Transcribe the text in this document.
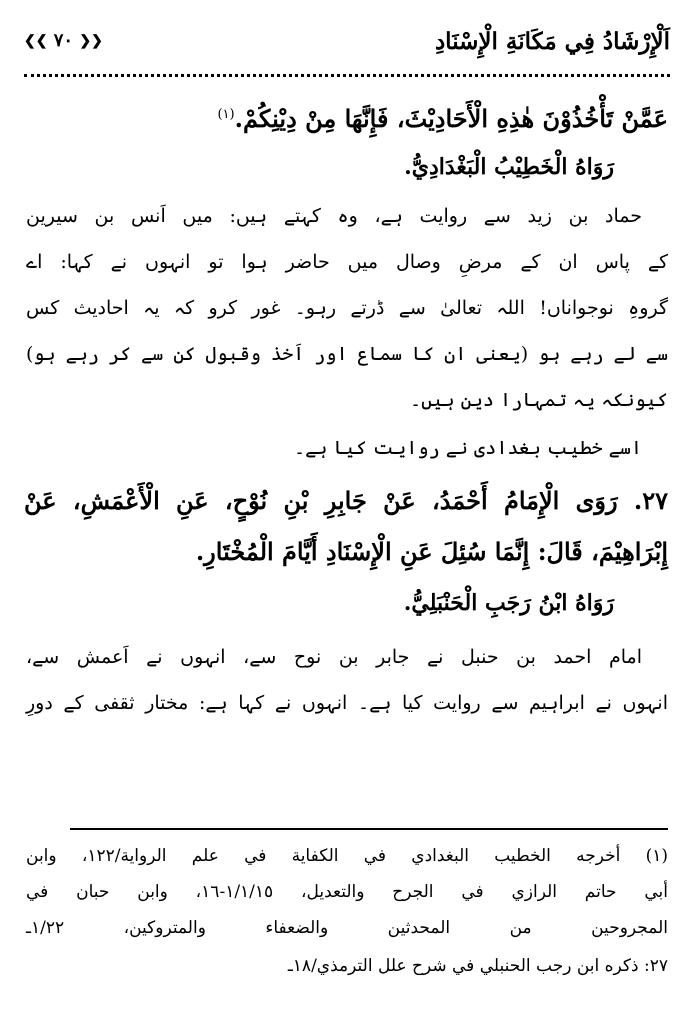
اَلْإِرْشَادُ فِي مَكَانَةِ الْإِسْنَادِ
❮❮ ٧٠ ❯❯
عَمَّنْ تَأْخُذُوْنَ هٰذِهِ الْأَحَادِيْثَ، فَإِنَّهَا مِنْ دِيْنِكُمْ.$^{(١)}$
رَوَاهُ الْخَطِيْبُ الْبَغْدَادِيُّ.
حماد بن زید سے روایت ہے، وہ کہتے ہیں: میں اَنس بن سیرین
کے پاس ان کے مرضِ وصال میں حاضر ہوا تو انہوں نے کہا: اے
گروہِ نوجواناں! اللہ تعالیٰ سے ڈرتے رہو۔ غور کرو کہ یہ احادیث کس
سے لے رہے ہو (یعنی ان کا سماع اور اَخذ وقبول کن سے کر رہے ہو)
کیونکہ یہ تمہارا دین ہیں۔
اسے خطیب بغدادی نے روایت کیا ہے۔
٢٧. رَوَى الْإِمَامُ أَحْمَدُ، عَنْ جَابِرِ بْنِ نُوْحٍ، عَنِ الْأَعْمَشِ، عَنْ
إِبْرَاهِيْمَ، قَالَ: إِنَّمَا سُئِلَ عَنِ الْإِسْنَادِ أَيَّامَ الْمُخْتَارِ.
رَوَاهُ ابْنُ رَجَبِ الْحَنْبَلِيُّ.
امام احمد بن حنبل نے جابر بن نوح سے، انہوں نے اَعمش سے،
انہوں نے ابراہیم سے روایت کیا ہے۔ انہوں نے کہا ہے: مختار ثقفی کے دورِ
(١) أخرجه الخطيب البغدادي في الكفاية في علم الرواية/١٢٢، وابن
أبي حاتم الرازي في الجرح والتعديل، ١/١/١٥-١٦، وابن حبان في
المجروحين من المحدثين والضعفاء والمتروكين، ١/٢٢ـ
٢٧: ذكره ابن رجب الحنبلي في شرح علل الترمذي/١٨ـ
